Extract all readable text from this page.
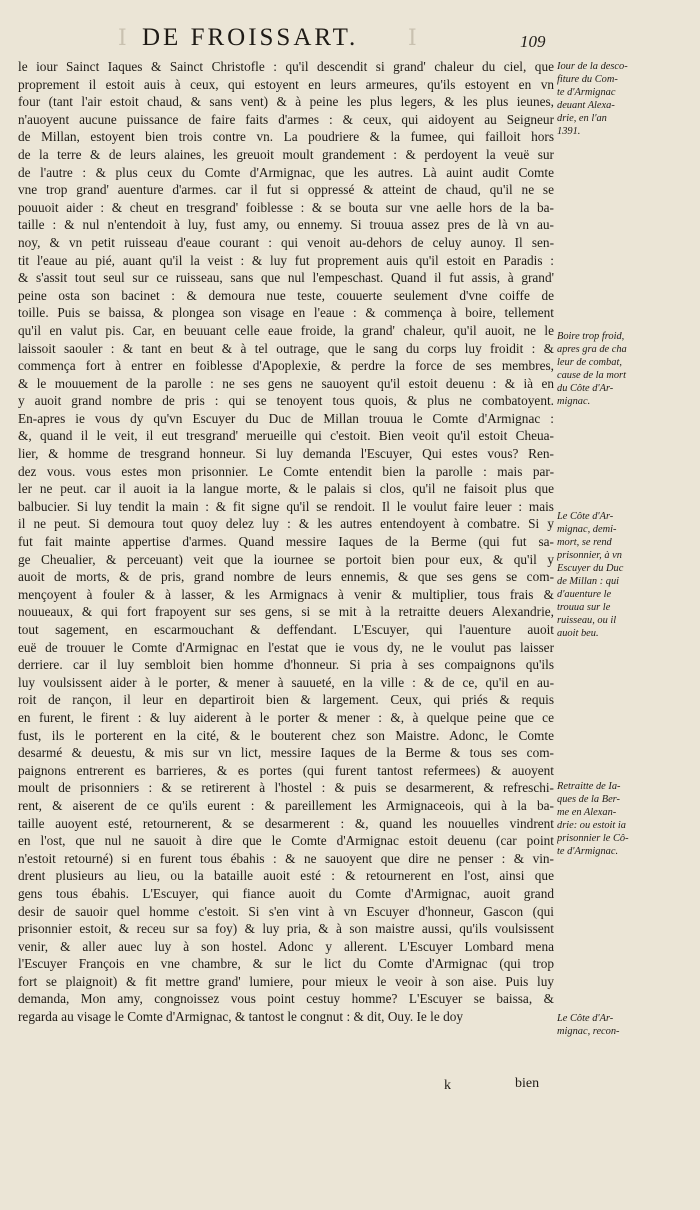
I DE FROISSART. I	109
le iour Sainct Iaques & Sainct Christofle : qu'il descendit si grand' chaleur du ciel, que
proprement il estoit auis à ceux, qui estoyent en leurs armeures, qu'ils estoyent en vn
four (tant l'air estoit chaud, & sans vent) & à peine les plus legers, & les plus ieunes,
n'auoyent aucune puissance de faire faits d'armes : & ceux, qui aidoyent au Seigneur
de Millan, estoyent bien trois contre vn. La poudriere & la fumee, qui failloit hors
de la terre & de leurs alaines, les greuoit moult grandement : & perdoyent la veuë sur
de l'autre : & plus ceux du Comte d'Armignac, que les autres. Là auint audit Comte
vne trop grand' auenture d'armes. car il fut si oppressé & atteint de chaud, qu'il ne se
pouuoit aider : & cheut en tresgrand' foiblesse : & se bouta sur vne aelle hors de la ba-
taille : & nul n'entendoit à luy, fust amy, ou ennemy. Si trouua assez pres de là vn au-
noy, & vn petit ruisseau d'eaue courant : qui venoit au-dehors de celuy aunoy. Il sen-
tit l'eaue au pié, auant qu'il la veist : & luy fut proprement auis qu'il estoit en Paradis :
& s'assit tout seul sur ce ruisseau, sans que nul l'empeschast. Quand il fut assis, à grand'
peine osta son bacinet : & demoura nue teste, couuerte seulement d'vne coiffe de
toille. Puis se baissa, & plongea son visage en l'eaue : & commença à boire, tellement
qu'il en valut pis. Car, en beuuant celle eaue froide, la grand' chaleur, qu'il auoit, ne le
laissoit saouler : & tant en beut & à tel outrage, que le sang du corps luy froidit : &
commença fort à entrer en foiblesse d'Apoplexie, & perdre la force de ses membres,
& le mouuement de la parolle : ne ses gens ne sauoyent qu'il estoit deuenu : & ià en
y auoit grand nombre de pris : qui se tenoyent tous quois, & plus ne combatoyent.
En-apres ie vous dy qu'vn Escuyer du Duc de Millan trouua le Comte d'Armignac :
&, quand il le veit, il eut tresgrand' merueille qui c'estoit. Bien veoit qu'il estoit Cheua-
lier, & homme de tresgrand honneur. Si luy demanda l'Escuyer, Qui estes vous? Ren-
dez vous. vous estes mon prisonnier. Le Comte entendit bien la parolle : mais par-
ler ne peut. car il auoit ia la langue morte, & le palais si clos, qu'il ne faisoit plus que
balbucier. Si luy tendit la main : & fit signe qu'il se rendoit. Il le voulut faire leuer : mais
il ne peut. Si demoura tout quoy delez luy : & les autres entendoyent à combatre. Si y
fut fait mainte appertise d'armes. Quand messire Iaques de la Berme (qui fut sa-
ge Cheualier, & perceuant) veit que la iournee se portoit bien pour eux, & qu'il y
auoit de morts, & de pris, grand nombre de leurs ennemis, & que ses gens se com-
mençoyent à fouler & à lasser, & les Armignacs à venir & multiplier, tous frais &
nouueaux, & qui fort frapoyent sur ses gens, si se mit à la retraitte deuers Alexandrie,
tout sagement, en escarmouchant & deffendant. L'Escuyer, qui l'auenture auoit
euë de trouuer le Comte d'Armignac en l'estat que ie vous dy, ne le voulut pas laisser
derriere. car il luy sembloit bien homme d'honneur. Si pria à ses compaignons qu'ils
luy voulsissent aider à le porter, & mener à sauueté, en la ville : & de ce, qu'il en au-
roit de rançon, il leur en departiroit bien & largement. Ceux, qui priés & requis
en furent, le firent : & luy aiderent à le porter & mener : &, à quelque peine que ce
fust, ils le porterent en la cité, & le bouterent chez son Maistre. Adonc, le Comte
desarmé & deuestu, & mis sur vn lict, messire Iaques de la Berme & tous ses com-
paignons entrerent es barrieres, & es portes (qui furent tantost refermees) & auoyent
moult de prisonniers : & se retirerent à l'hostel : & puis se desarmerent, & refreschi-
rent, & aiserent de ce qu'ils eurent : & pareillement les Armignaceois, qui à la ba-
taille auoyent esté, retournerent, & se desarmerent : &, quand les nouuelles vindrent
en l'ost, que nul ne sauoit à dire que le Comte d'Armignac estoit deuenu (car point
n'estoit retourné) si en furent tous ébahis : & ne sauoyent que dire ne penser : & vin-
drent plusieurs au lieu, ou la bataille auoit esté : & retournerent en l'ost, ainsi que
gens tous ébahis. L'Escuyer, qui fiance auoit du Comte d'Armignac, auoit grand
desir de sauoir quel homme c'estoit. Si s'en vint à vn Escuyer d'honneur, Gascon (qui
prisonnier estoit, & receu sur sa foy) & luy pria, & à son maistre aussi, qu'ils voulsissent
venir, & aller auec luy à son hostel. Adonc y allerent. L'Escuyer Lombard mena
l'Escuyer François en vne chambre, & sur le lict du Comte d'Armignac (qui trop
fort se plaignoit) & fit mettre grand' lumiere, pour mieux le veoir à son aise. Puis luy
demanda, Mon amy, congnoissez vous point cestuy homme? L'Escuyer se baissa, &
regarda au visage le Comte d'Armignac, & tantost le congnut : & dit, Ouy. Ie le doy
Iour de la desco-
fiture du Com-
te d'Armignac
deuant Alexa-
drie, en l'an
1391.
Boire trop froid,
apres gra de cha
leur de combat,
cause de la mort
du Côte d'Ar-
mignac.
Le Côte d'Ar-
mignac, demi-
mort, se rend
prisonnier, à vn
Escuyer du Duc
de Millan : qui
d'auenture le
trouua sur le
ruisseau, ou il
auoit beu.
Retraitte de Ia-
ques de la Ber-
me en Alexan-
drie: ou estoit ia
prisonnier le Cô-
te d'Armignac.
Le Côte d'Ar-
mignac, recon-
k	bien
